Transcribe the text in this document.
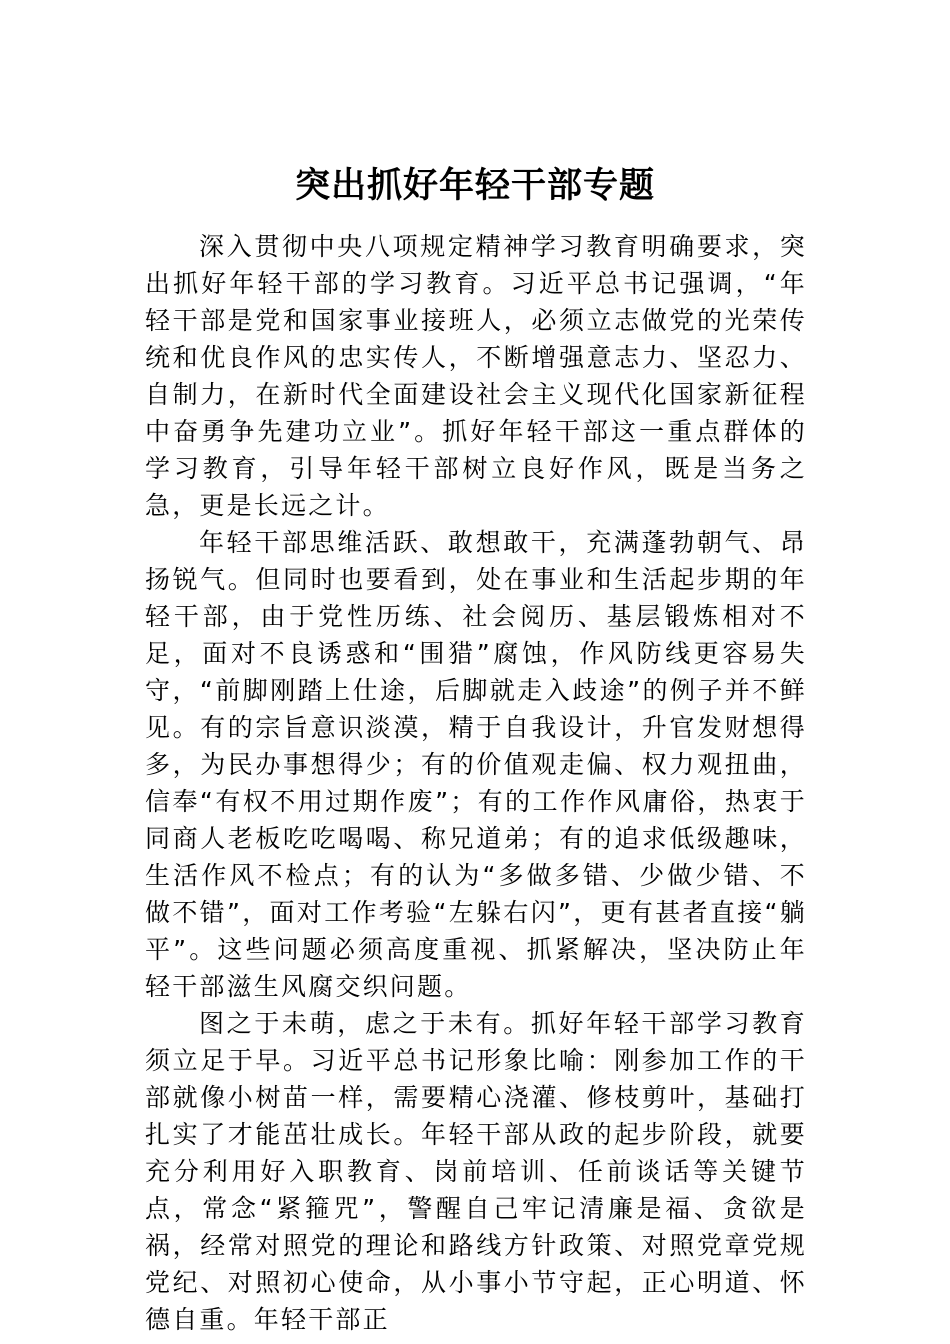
突出抓好年轻干部专题

深入贯彻中央八项规定精神学习教育明确要求，突出抓好年轻干部的学习教育。习近平总书记强调，“年轻干部是党和国家事业接班人，必须立志做党的光荣传统和优良作风的忠实传人，不断增强意志力、坚忍力、自制力，在新时代全面建设社会主义现代化国家新征程中奋勇争先建功立业”。抓好年轻干部这一重点群体的学习教育，引导年轻干部树立良好作风，既是当务之急，更是长远之计。

年轻干部思维活跃、敢想敢干，充满蓬勃朝气、昂扬锐气。但同时也要看到，处在事业和生活起步期的年轻干部，由于党性历练、社会阅历、基层锻炼相对不足，面对不良诱惑和“围猎”腐蚀，作风防线更容易失守，“前脚刚踏上仕途，后脚就走入歧途”的例子并不鲜见。有的宗旨意识淡漠，精于自我设计，升官发财想得多，为民办事想得少；有的价值观走偏、权力观扭曲，信奉“有权不用过期作废”；有的工作作风庸俗，热衷于同商人老板吃吃喝喝、称兄道弟；有的追求低级趣味，生活作风不检点；有的认为“多做多错、少做少错、不做不错”，面对工作考验“左躲右闪”，更有甚者直接“躺平”。这些问题必须高度重视、抓紧解决，坚决防止年轻干部滋生风腐交织问题。

图之于未萌，虑之于未有。抓好年轻干部学习教育须立足于早。习近平总书记形象比喻：刚参加工作的干部就像小树苗一样，需要精心浇灌、修枝剪叶，基础打扎实了才能茁壮成长。年轻干部从政的起步阶段，就要充分利用好入职教育、岗前培训、任前谈话等关键节点，常念“紧箍咒”，警醒自己牢记清廉是福、贪欲是祸，经常对照党的理论和路线方针政策、对照党章党规党纪、对照初心使命，从小事小节守起，正心明道、怀德自重。年轻干部正
